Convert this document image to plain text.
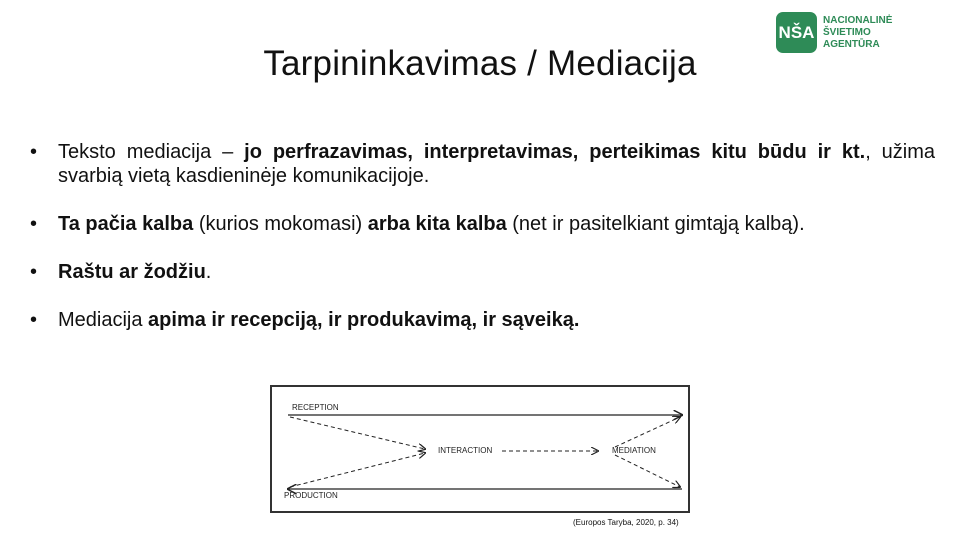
Tarpininkavimas / Mediacija
NŠA
NACIONALINĖ
ŠVIETIMO
AGENTŪRA
• Teksto mediacija – jo perfrazavimas, interpretavimas, perteikimas kitu būdu ir kt., užima svarbią vietą kasdieninėje komunikacijoje.
• Ta pačia kalba (kurios mokomasi) arba kita kalba (net ir pasitelkiant gimtąją kalbą).
• Raštu ar žodžiu.
• Mediacija apima ir recepciją, ir produkavimą, ir sąveiką.
RECEPTION
PRODUCTION
INTERACTION	MEDIATION
(Europos Taryba, 2020, p. 34)
